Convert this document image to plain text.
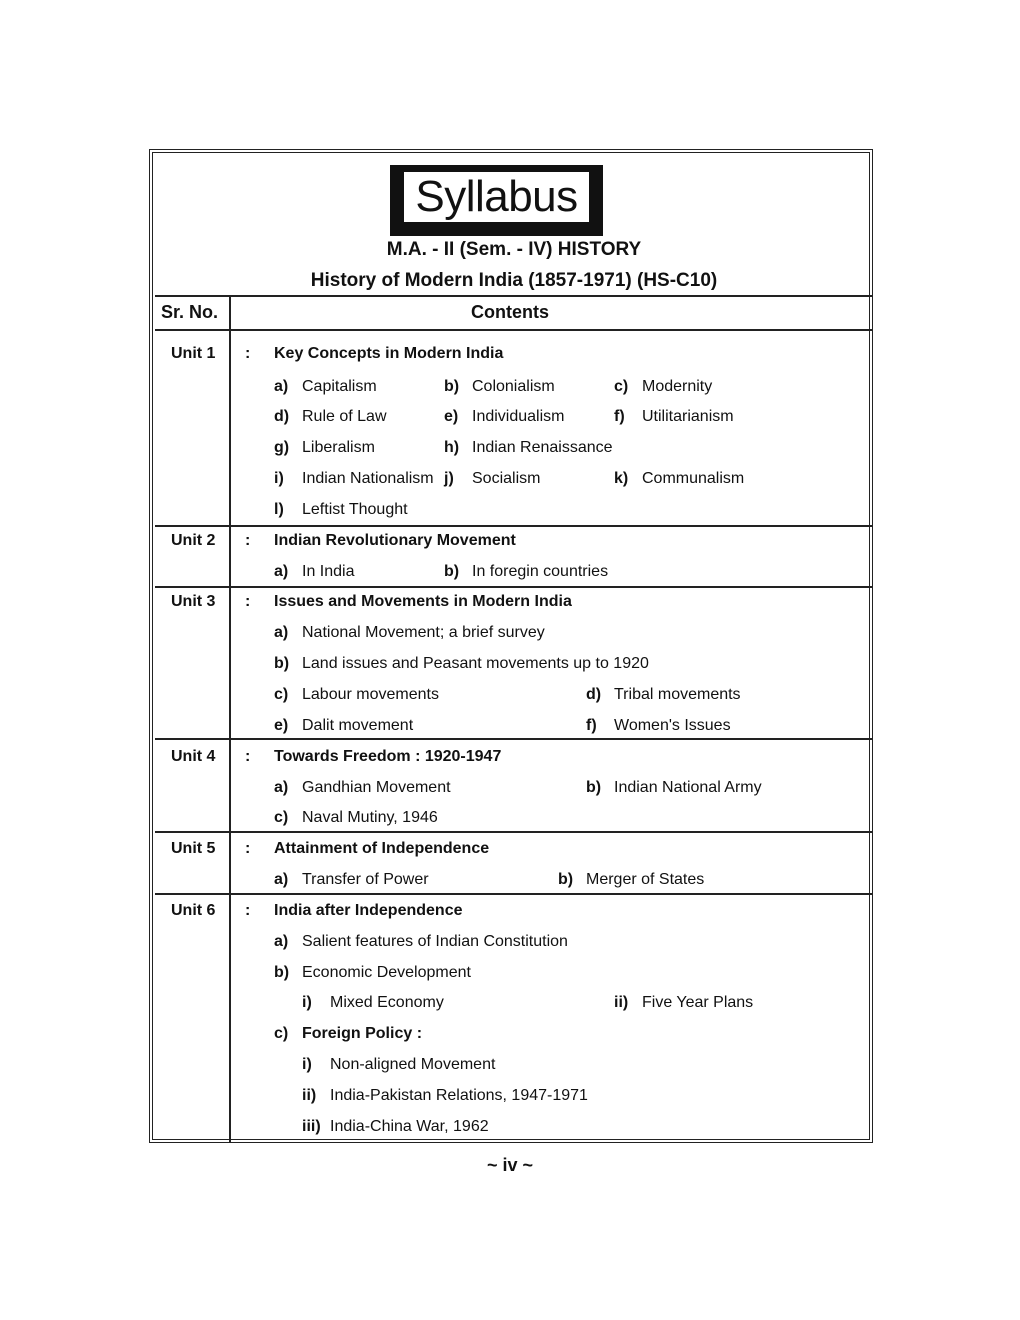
Syllabus
M.A. - II (Sem. - IV) HISTORY
History of Modern India (1857-1971) (HS-C10)
Sr. No.	Contents
Unit 1 : Key Concepts in Modern India
a) Capitalism	b) Colonialism	c) Modernity
d) Rule of Law	e) Individualism	f) Utilitarianism
g) Liberalism	h) Indian Renaissance
i) Indian Nationalism j) Socialism	k) Communalism
l) Leftist Thought
Unit 2 : Indian Revolutionary Movement
a) In India	b) In foregin countries
Unit 3 : Issues and Movements in Modern India
a) National Movement; a brief survey
b) Land issues and Peasant movements up to 1920
c) Labour movements	d) Tribal movements
e) Dalit movement	f) Women's Issues
Unit 4 : Towards Freedom : 1920-1947
a) Gandhian Movement	b) Indian National Army
c) Naval Mutiny, 1946
Unit 5 : Attainment of Independence
a) Transfer of Power	b) Merger of States
Unit 6 : India after Independence
a) Salient features of Indian Constitution
b) Economic Development
i) Mixed Economy	ii) Five Year Plans
c) Foreign Policy :
i) Non-aligned Movement
ii) India-Pakistan Relations, 1947-1971
iii) India-China War, 1962
~ iv ~
